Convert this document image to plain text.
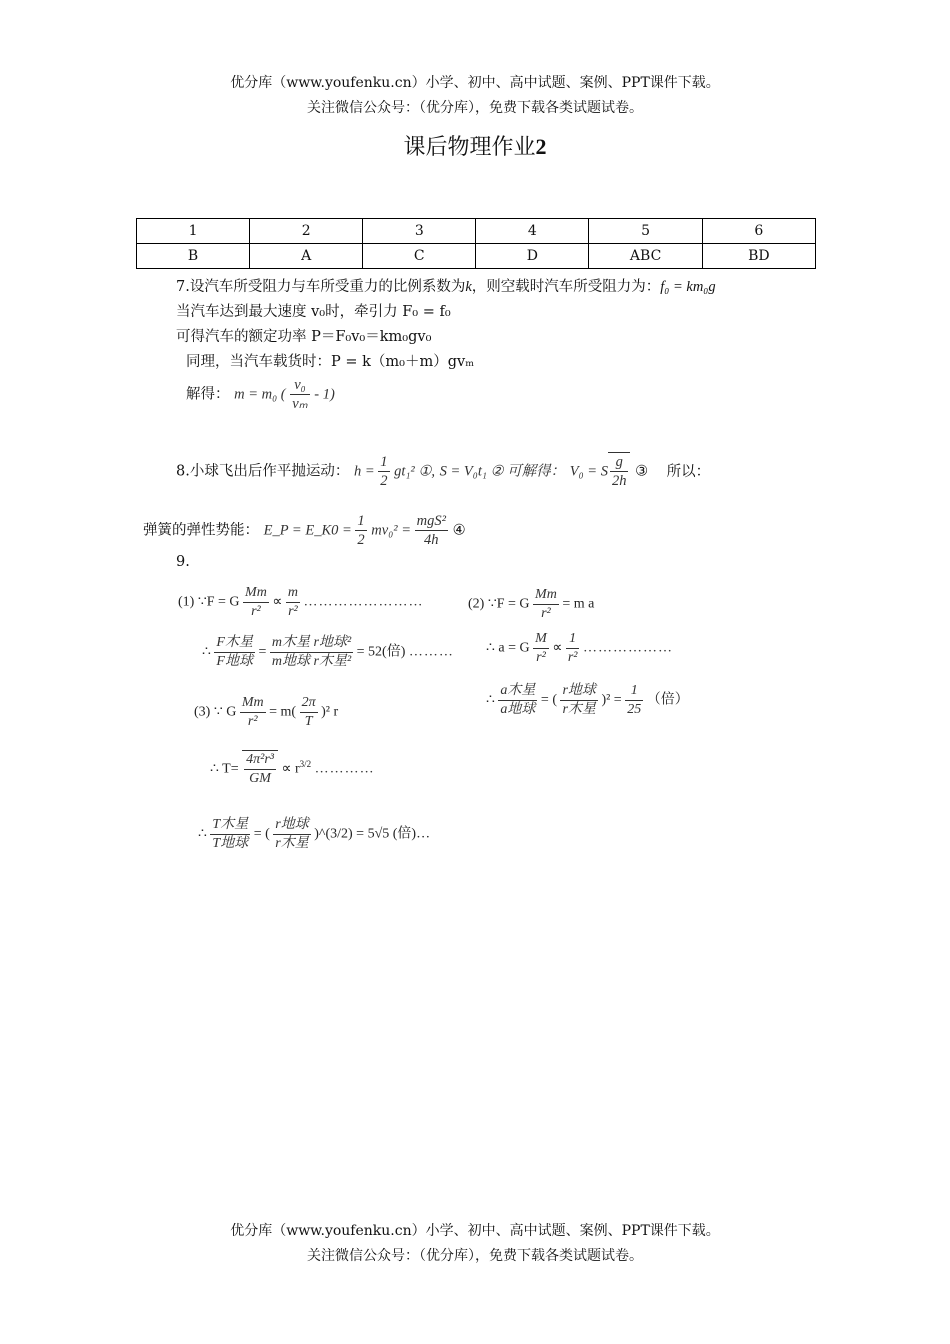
优分库（www.youfenku.cn）小学、初中、高中试题、案例、PPT课件下载。
关注微信公众号：（优分库），免费下载各类试题试卷。
课后物理作业2
1	2	3	4	5	6
B	A	C	D	ABC	BD
7.设汽车所受阻力与车所受重力的比例系数为k，则空载时汽车所受阻力为：f₀ = km₀g
当汽车达到最大速度 v₀时，牵引力 F₀ = f₀
可得汽车的额定功率 P＝F₀v₀＝km₀gv₀
同理，当汽车载货时：P = k（m₀＋m）gvₘ
解得： m = m₀ ( $\frac{\text{v₀}}{\text{vₘ}} - 1$)
8.小球飞出后作平抛运动： $h = \frac{1}{2} gt_1^2$ ①, S = V₀t₁ ② 可解得： V₀ = S $\frac{g}{2h}$ ③ 所以：
弹簧的弹性势能： E_P = E_K0 = $\frac{1}{2} mv_0^2 = \frac{\text{mgS²}}{4h}$ ④
9.
(1) ∵F = G $\frac{Mm}{\text{r²}} \propto \frac{m}{\text{r²}}$ ……………………
∴ $\frac{\text{F木星}}{\text{F地球}} = \frac{\text{m木星 r地球²}}{\text{m地球 r木星²}} = 52$(倍) ………
(2) ∵F = G $\frac{Mm}{\text{r²}} = m$ a
∴ a = G $\frac{M}{\text{r²}} \propto \frac{1}{\text{r²}}$ ………………
∴ $\frac{\text{a木星}}{\text{a地球}}$ = ( $\frac{\text{r地球}}{\text{r木星}} )^2 = \frac{1}{25}$ （倍）
(3) ∵ G $\frac{Mm}{\text{r²}} = m( \frac{2\pi}{T} )^2$ r
∴ $T= \frac{\text{4π²r³}}{GM} \propto r^{3/2}$ …………
∴ $\frac{\text{T木星}}{\text{T地球}}$ = ( $\frac{\text{r地球}}{\text{r木星}}$ )^(3/2) = 5√5 (倍)…
优分库（www.youfenku.cn）小学、初中、高中试题、案例、PPT课件下载。
关注微信公众号：（优分库），免费下载各类试题试卷。
